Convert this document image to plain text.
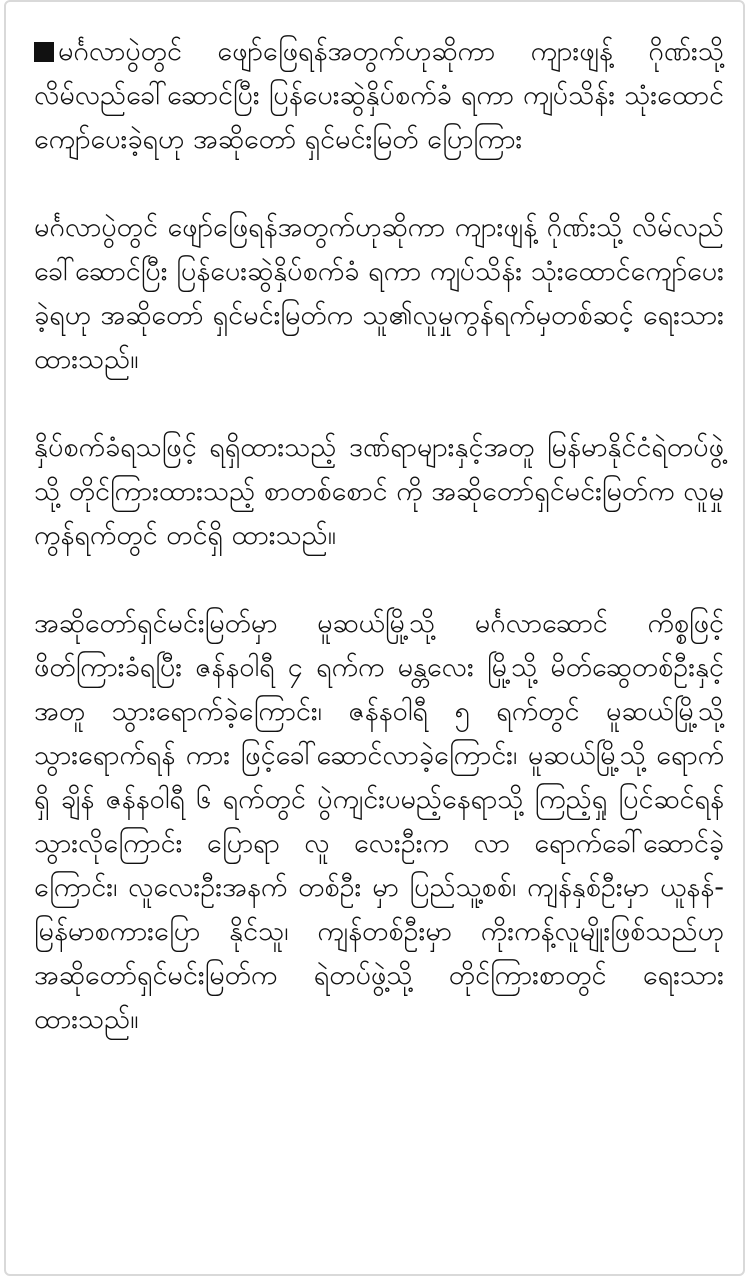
မင်္ဂလာပွဲတွင် ဖျော်ဖြေရန်အတွက်ဟုဆိုကာ ကျားဖျန့် ဂိုဏ်းသို့ လိမ်လည်ခေါ်ဆောင်ပြီး ပြန်ပေးဆွဲနှိပ်စက်ခံ ရကာ ကျပ်သိန်း သုံးထောင်ကျော်ပေးခဲ့ရဟု အဆိုတော် ရှင်မင်းမြတ် ပြောကြား

မင်္ဂလာပွဲတွင် ဖျော်ဖြေရန်အတွက်ဟုဆိုကာ ကျားဖျန့် ဂိုဏ်းသို့ လိမ်လည်ခေါ်ဆောင်ပြီး ပြန်ပေးဆွဲနှိပ်စက်ခံ ရကာ ကျပ်သိန်း သုံးထောင်ကျော်ပေးခဲ့ရဟု အဆိုတော် ရှင်မင်းမြတ်က သူ၏လူမှုကွန်ရက်မှတစ်ဆင့် ရေးသား ထားသည်။

နှိပ်စက်ခံရသဖြင့် ရရှိထားသည့် ဒဏ်ရာများနှင့်အတူ မြန်မာနိုင်ငံရဲတပ်ဖွဲ့သို့ တိုင်ကြားထားသည့် စာတစ်စောင် ကို အဆိုတော်ရှင်မင်းမြတ်က လူမှုကွန်ရက်တွင် တင်ရှိ ထားသည်။

အဆိုတော်ရှင်မင်းမြတ်မှာ မူဆယ်မြို့သို့ မင်္ဂလာဆောင် ကိစ္စဖြင့် ဖိတ်ကြားခံရပြီး ဇန်နဝါရီ ၄ ရက်က မန္တလေး မြို့သို့ မိတ်ဆွေတစ်ဦးနှင့်အတူ သွားရောက်ခဲ့ကြောင်း၊ ဇန်နဝါရီ ၅ ရက်တွင် မူဆယ်မြို့သို့ သွားရောက်ရန် ကား ဖြင့်ခေါ်ဆောင်လာခဲ့ကြောင်း၊ မူဆယ်မြို့သို့ ရောက်ရှိ ချိန် ဇန်နဝါရီ ၆ ရက်တွင် ပွဲကျင်းပမည့်နေရာသို့ ကြည့်ရှု ပြင်ဆင်ရန် သွားလိုကြောင်း ပြောရာ လူ လေးဦးက လာ ရောက်ခေါ်ဆောင်ခဲ့ကြောင်း၊ လူလေးဦးအနက် တစ်ဦး မှာ ပြည်သူ့စစ်၊ ကျန်နှစ်ဦးမှာ ယူနန်- မြန်မာစကားပြော နိုင်သူ၊ ကျန်တစ်ဦးမှာ ကိုးကန့်လူမျိုးဖြစ်သည်ဟု အဆိုတော်ရှင်မင်းမြတ်က ရဲတပ်ဖွဲ့သို့ တိုင်ကြားစာတွင် ရေးသားထားသည်။
